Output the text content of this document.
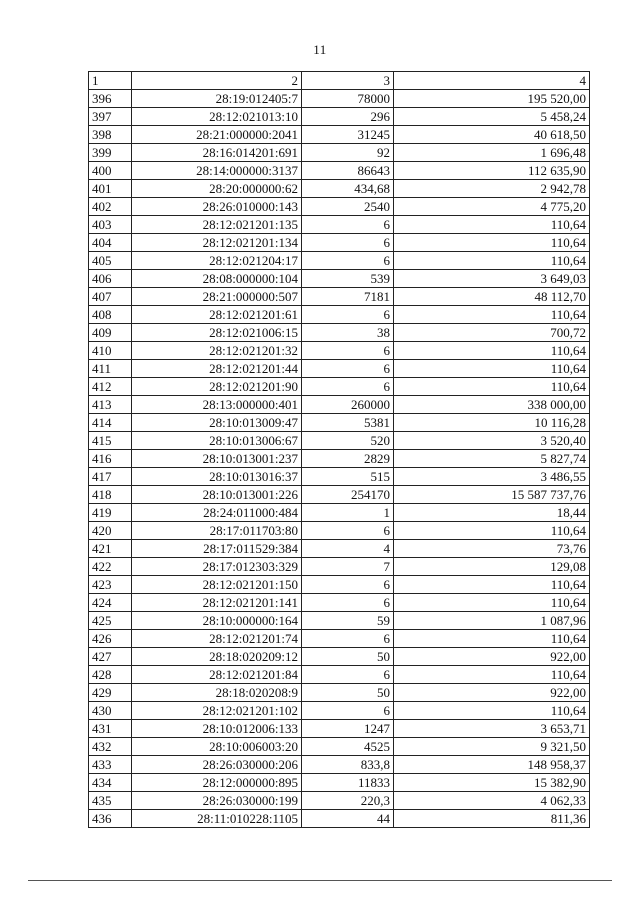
11
1	2	3	4
396	28:19:012405:7	78000	195 520,00
397	28:12:021013:10	296	5 458,24
398	28:21:000000:2041	31245	40 618,50
399	28:16:014201:691	92	1 696,48
400	28:14:000000:3137	86643	112 635,90
401	28:20:000000:62	434,68	2 942,78
402	28:26:010000:143	2540	4 775,20
403	28:12:021201:135	6	110,64
404	28:12:021201:134	6	110,64
405	28:12:021204:17	6	110,64
406	28:08:000000:104	539	3 649,03
407	28:21:000000:507	7181	48 112,70
408	28:12:021201:61	6	110,64
409	28:12:021006:15	38	700,72
410	28:12:021201:32	6	110,64
411	28:12:021201:44	6	110,64
412	28:12:021201:90	6	110,64
413	28:13:000000:401	260000	338 000,00
414	28:10:013009:47	5381	10 116,28
415	28:10:013006:67	520	3 520,40
416	28:10:013001:237	2829	5 827,74
417	28:10:013016:37	515	3 486,55
418	28:10:013001:226	254170	15 587 737,76
419	28:24:011000:484	1	18,44
420	28:17:011703:80	6	110,64
421	28:17:011529:384	4	73,76
422	28:17:012303:329	7	129,08
423	28:12:021201:150	6	110,64
424	28:12:021201:141	6	110,64
425	28:10:000000:164	59	1 087,96
426	28:12:021201:74	6	110,64
427	28:18:020209:12	50	922,00
428	28:12:021201:84	6	110,64
429	28:18:020208:9	50	922,00
430	28:12:021201:102	6	110,64
431	28:10:012006:133	1247	3 653,71
432	28:10:006003:20	4525	9 321,50
433	28:26:030000:206	833,8	148 958,37
434	28:12:000000:895	11833	15 382,90
435	28:26:030000:199	220,3	4 062,33
436	28:11:010228:1105	44	811,36
